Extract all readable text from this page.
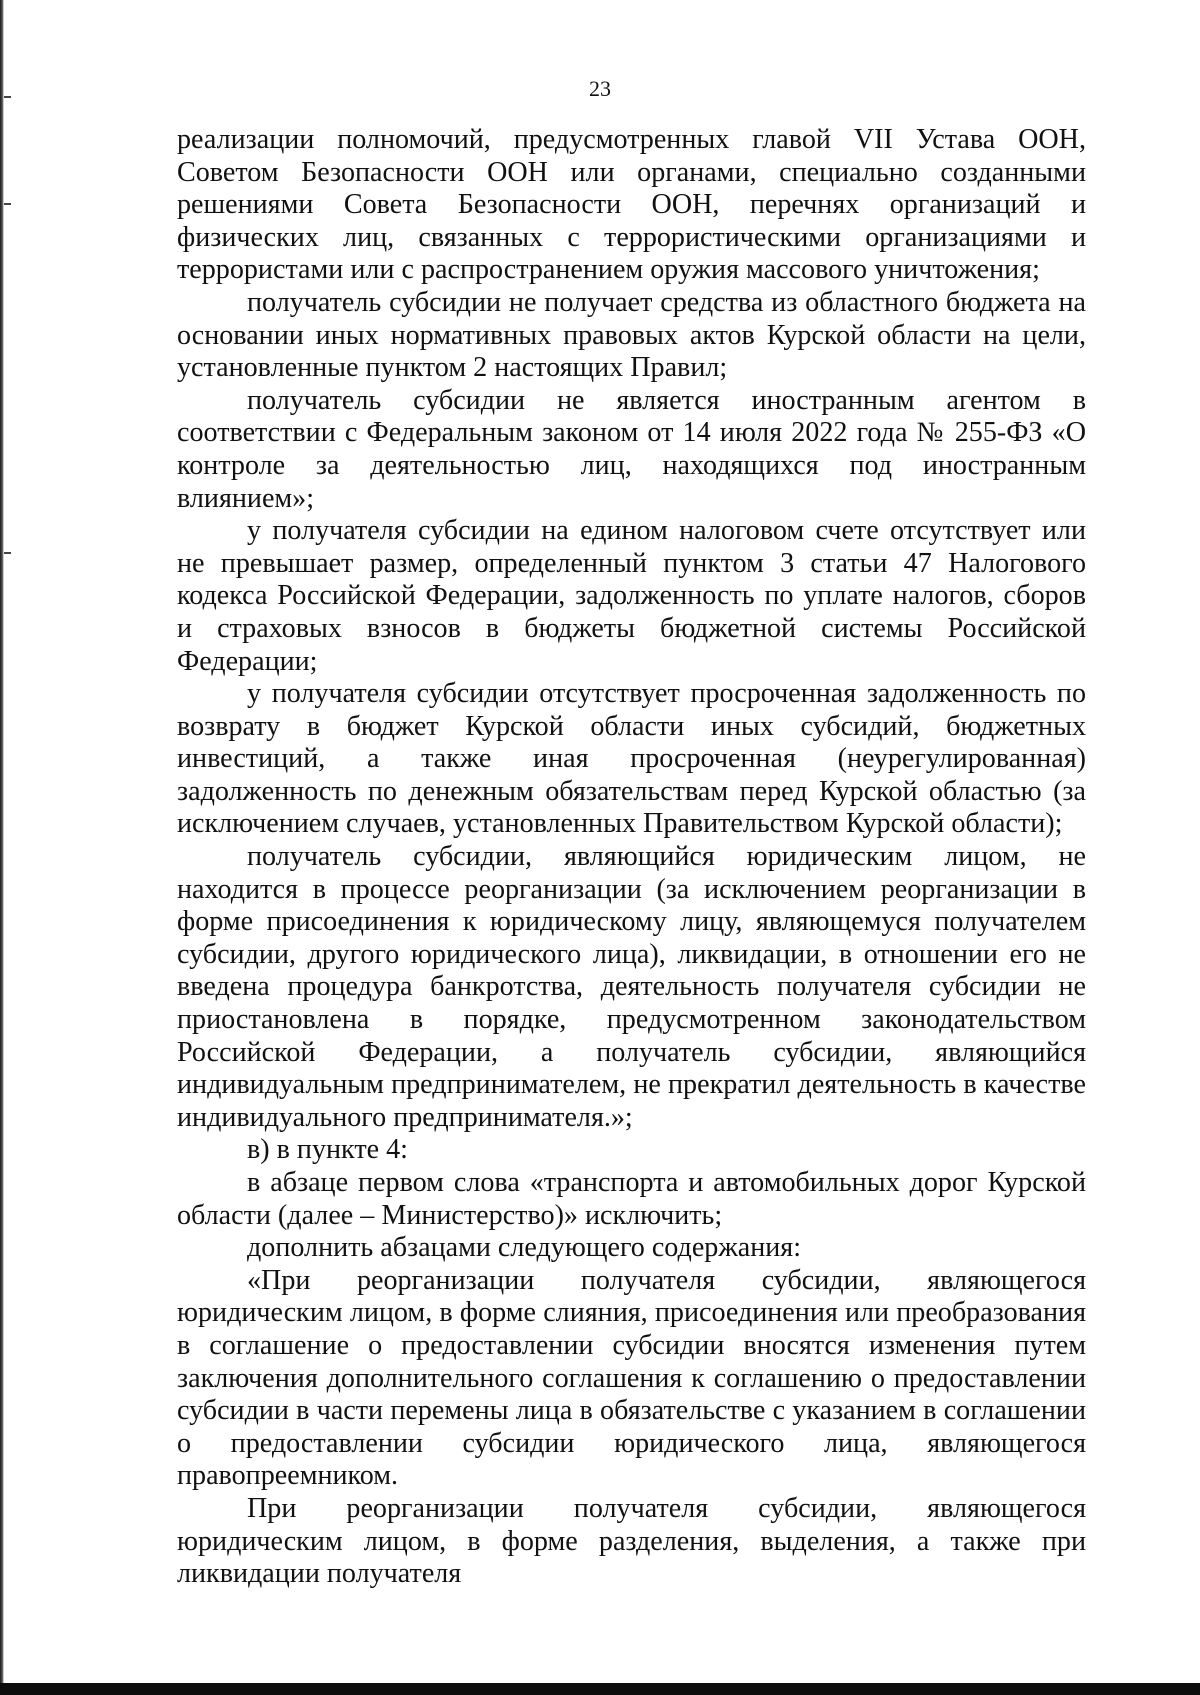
23

реализации полномочий, предусмотренных главой VII Устава ООН, Советом Безопасности ООН или органами, специально созданными решениями Совета Безопасности ООН, перечнях организаций и физических лиц, связанных с террористическими организациями и террористами или с распространением оружия массового уничтожения;

получатель субсидии не получает средства из областного бюджета на основании иных нормативных правовых актов Курской области на цели, установленные пунктом 2 настоящих Правил;

получатель субсидии не является иностранным агентом в соответствии с Федеральным законом от 14 июля 2022 года № 255-ФЗ «О контроле за деятельностью лиц, находящихся под иностранным влиянием»;

у получателя субсидии на едином налоговом счете отсутствует или не превышает размер, определенный пунктом 3 статьи 47 Налогового кодекса Российской Федерации, задолженность по уплате налогов, сборов и страховых взносов в бюджеты бюджетной системы Российской Федерации;

у получателя субсидии отсутствует просроченная задолженность по возврату в бюджет Курской области иных субсидий, бюджетных инвестиций, а также иная просроченная (неурегулированная) задолженность по денежным обязательствам перед Курской областью (за исключением случаев, установленных Правительством Курской области);

получатель субсидии, являющийся юридическим лицом, не находится в процессе реорганизации (за исключением реорганизации в форме присоединения к юридическому лицу, являющемуся получателем субсидии, другого юридического лица), ликвидации, в отношении его не введена процедура банкротства, деятельность получателя субсидии не приостановлена в порядке, предусмотренном законодательством Российской Федерации, а получатель субсидии, являющийся индивидуальным предпринимателем, не прекратил деятельность в качестве индивидуального предпринимателя.»;

в) в пункте 4:

в абзаце первом слова «транспорта и автомобильных дорог Курской области (далее – Министерство)» исключить;

дополнить абзацами следующего содержания:

«При реорганизации получателя субсидии, являющегося юридическим лицом, в форме слияния, присоединения или преобразования в соглашение о предоставлении субсидии вносятся изменения путем заключения дополнительного соглашения к соглашению о предоставлении субсидии в части перемены лица в обязательстве с указанием в соглашении о предоставлении субсидии юридического лица, являющегося правопреемником.

При реорганизации получателя субсидии, являющегося юридическим лицом, в форме разделения, выделения, а также при ликвидации получателя
